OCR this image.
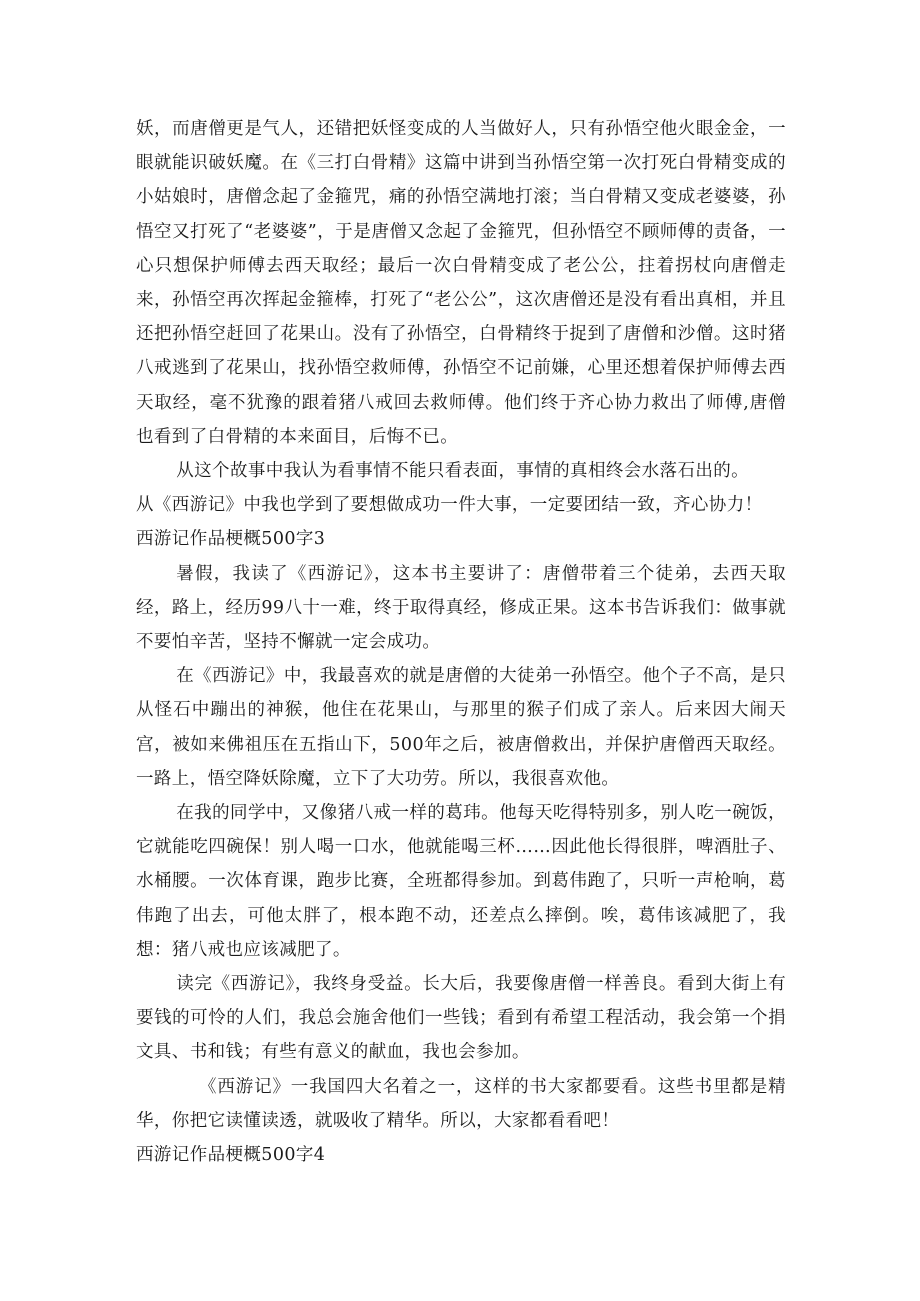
妖，而唐僧更是气人，还错把妖怪变成的人当做好人，只有孙悟空他火眼金金，一眼就能识破妖魔。在《三打白骨精》这篇中讲到当孙悟空第一次打死白骨精变成的小姑娘时，唐僧念起了金箍咒，痛的孙悟空满地打滚；当白骨精又变成老婆婆，孙悟空又打死了“老婆婆”，于是唐僧又念起了金箍咒，但孙悟空不顾师傅的责备，一心只想保护师傅去西天取经；最后一次白骨精变成了老公公，拄着拐杖向唐僧走来，孙悟空再次挥起金箍棒，打死了“老公公”，这次唐僧还是没有看出真相，并且还把孙悟空赶回了花果山。没有了孙悟空，白骨精终于捉到了唐僧和沙僧。这时猪八戒逃到了花果山，找孙悟空救师傅，孙悟空不记前嫌，心里还想着保护师傅去西天取经，毫不犹豫的跟着猪八戒回去救师傅。他们终于齐心协力救出了师傅,唐僧也看到了白骨精的本来面目，后悔不已。

从这个故事中我认为看事情不能只看表面，事情的真相终会水落石出的。

从《西游记》中我也学到了要想做成功一件大事，一定要团结一致，齐心协力！

西游记作品梗概500字3

暑假，我读了《西游记》，这本书主要讲了：唐僧带着三个徒弟，去西天取经，路上，经历99八十一难，终于取得真经，修成正果。这本书告诉我们：做事就不要怕辛苦，坚持不懈就一定会成功。

在《西游记》中，我最喜欢的就是唐僧的大徒弟一孙悟空。他个子不高，是只从怪石中蹦出的神猴，他住在花果山，与那里的猴子们成了亲人。后来因大闹天宫，被如来佛祖压在五指山下，500年之后，被唐僧救出，并保护唐僧西天取经。一路上，悟空降妖除魔，立下了大功劳。所以，我很喜欢他。

在我的同学中，又像猪八戒一样的葛玮。他每天吃得特别多，别人吃一碗饭，它就能吃四碗保！别人喝一口水，他就能喝三杯……因此他长得很胖，啤酒肚子、水桶腰。一次体育课，跑步比赛，全班都得参加。到葛伟跑了，只听一声枪响，葛伟跑了出去，可他太胖了，根本跑不动，还差点么摔倒。唉，葛伟该减肥了，我想：猪八戒也应该减肥了。

读完《西游记》，我终身受益。长大后，我要像唐僧一样善良。看到大街上有要钱的可怜的人们，我总会施舍他们一些钱；看到有希望工程活动，我会第一个捐文具、书和钱；有些有意义的献血，我也会参加。

《西游记》一我国四大名着之一，这样的书大家都要看。这些书里都是精华，你把它读懂读透，就吸收了精华。所以，大家都看看吧！

西游记作品梗概500字4
